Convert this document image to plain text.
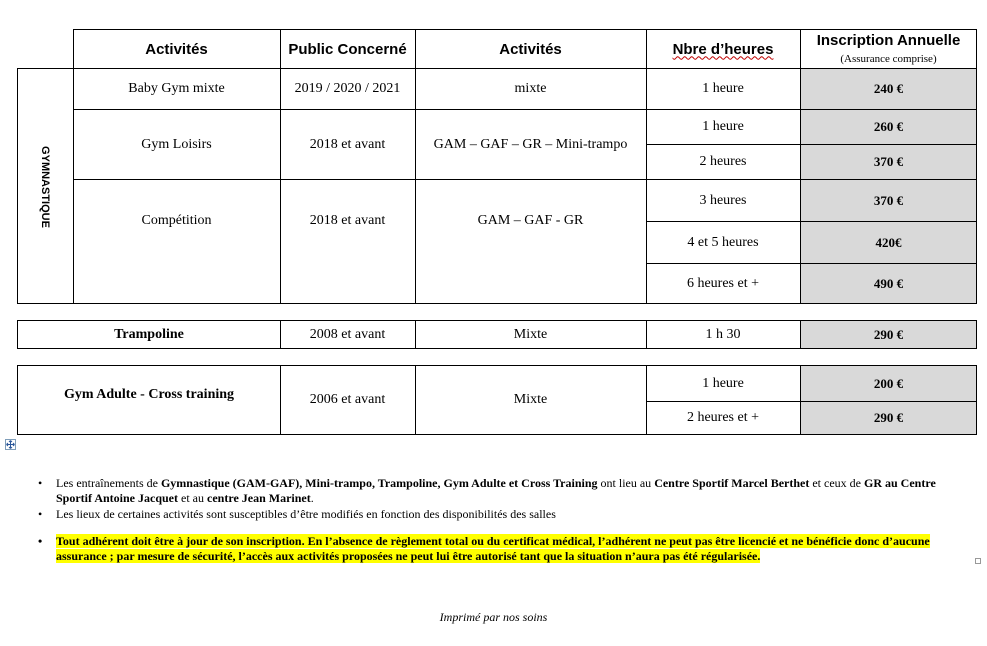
Activités	Public Concerné	Activités	Nbre d’heures	Inscription Annuelle
(Assurance comprise)
GYMNASTIQUE
Baby Gym mixte	2019 / 2020 / 2021	mixte	1 heure	240 €
Gym Loisirs	2018 et avant	GAM – GAF – GR – Mini-trampo
1 heure	260 €
2 heures	370 €
Compétition	2018 et avant	GAM – GAF - GR
3 heures	370 €
4 et 5 heures	420€
6 heures et +	490 €
Trampoline	2008 et avant	Mixte	1 h 30	290 €
Gym Adulte - Cross training	2006 et avant	Mixte
1 heure	200 €
2 heures et +	290 €
• Les entraînements de Gymnastique (GAM-GAF), Mini-trampo, Trampoline, Gym Adulte et Cross Training ont lieu au Centre Sportif Marcel Berthet et ceux de GR au Centre Sportif Antoine Jacquet et au centre Jean Marinet.
• Les lieux de certaines activités sont susceptibles d’être modifiés en fonction des disponibilités des salles
• Tout adhérent doit être à jour de son inscription. En l’absence de règlement total ou du certificat médical, l’adhérent ne peut pas être licencié et ne bénéficie donc d’aucune assurance ; par mesure de sécurité, l’accès aux activités proposées ne peut lui être autorisé tant que la situation n’aura pas été régularisée.
Imprimé par nos soins
